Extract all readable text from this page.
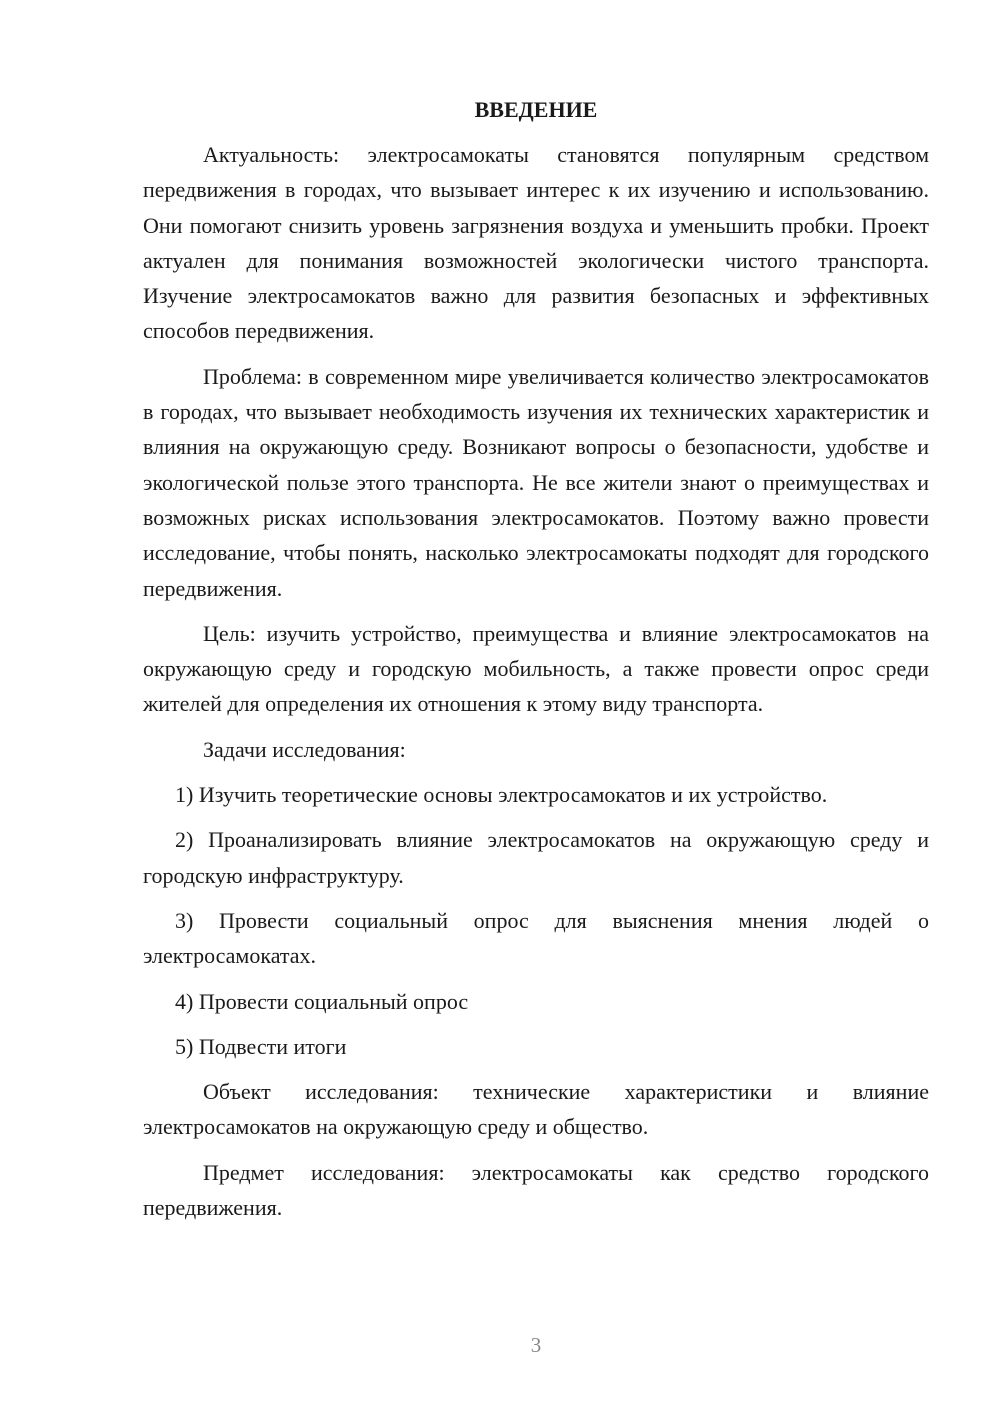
ВВЕДЕНИЕ

Актуальность: электросамокаты становятся популярным средством передвижения в городах, что вызывает интерес к их изучению и использованию. Они помогают снизить уровень загрязнения воздуха и уменьшить пробки. Проект актуален для понимания возможностей экологически чистого транспорта. Изучение электросамокатов важно для развития безопасных и эффективных способов передвижения.

Проблема: в современном мире увеличивается количество электросамокатов в городах, что вызывает необходимость изучения их технических характеристик и влияния на окружающую среду. Возникают вопросы о безопасности, удобстве и экологической пользе этого транспорта. Не все жители знают о преимуществах и возможных рисках использования электросамокатов. Поэтому важно провести исследование, чтобы понять, насколько электросамокаты подходят для городского передвижения.

Цель: изучить устройство, преимущества и влияние электросамокатов на окружающую среду и городскую мобильность, а также провести опрос среди жителей для определения их отношения к этому виду транспорта.

Задачи исследования:

1) Изучить теоретические основы электросамокатов и их устройство.

2) Проанализировать влияние электросамокатов на окружающую среду и городскую инфраструктуру.

3) Провести социальный опрос для выяснения мнения людей о электросамокатах.

4) Провести социальный опрос

5) Подвести итоги

Объект исследования: технические характеристики и влияние электросамокатов на окружающую среду и общество.

Предмет исследования: электросамокаты как средство городского передвижения.

3
